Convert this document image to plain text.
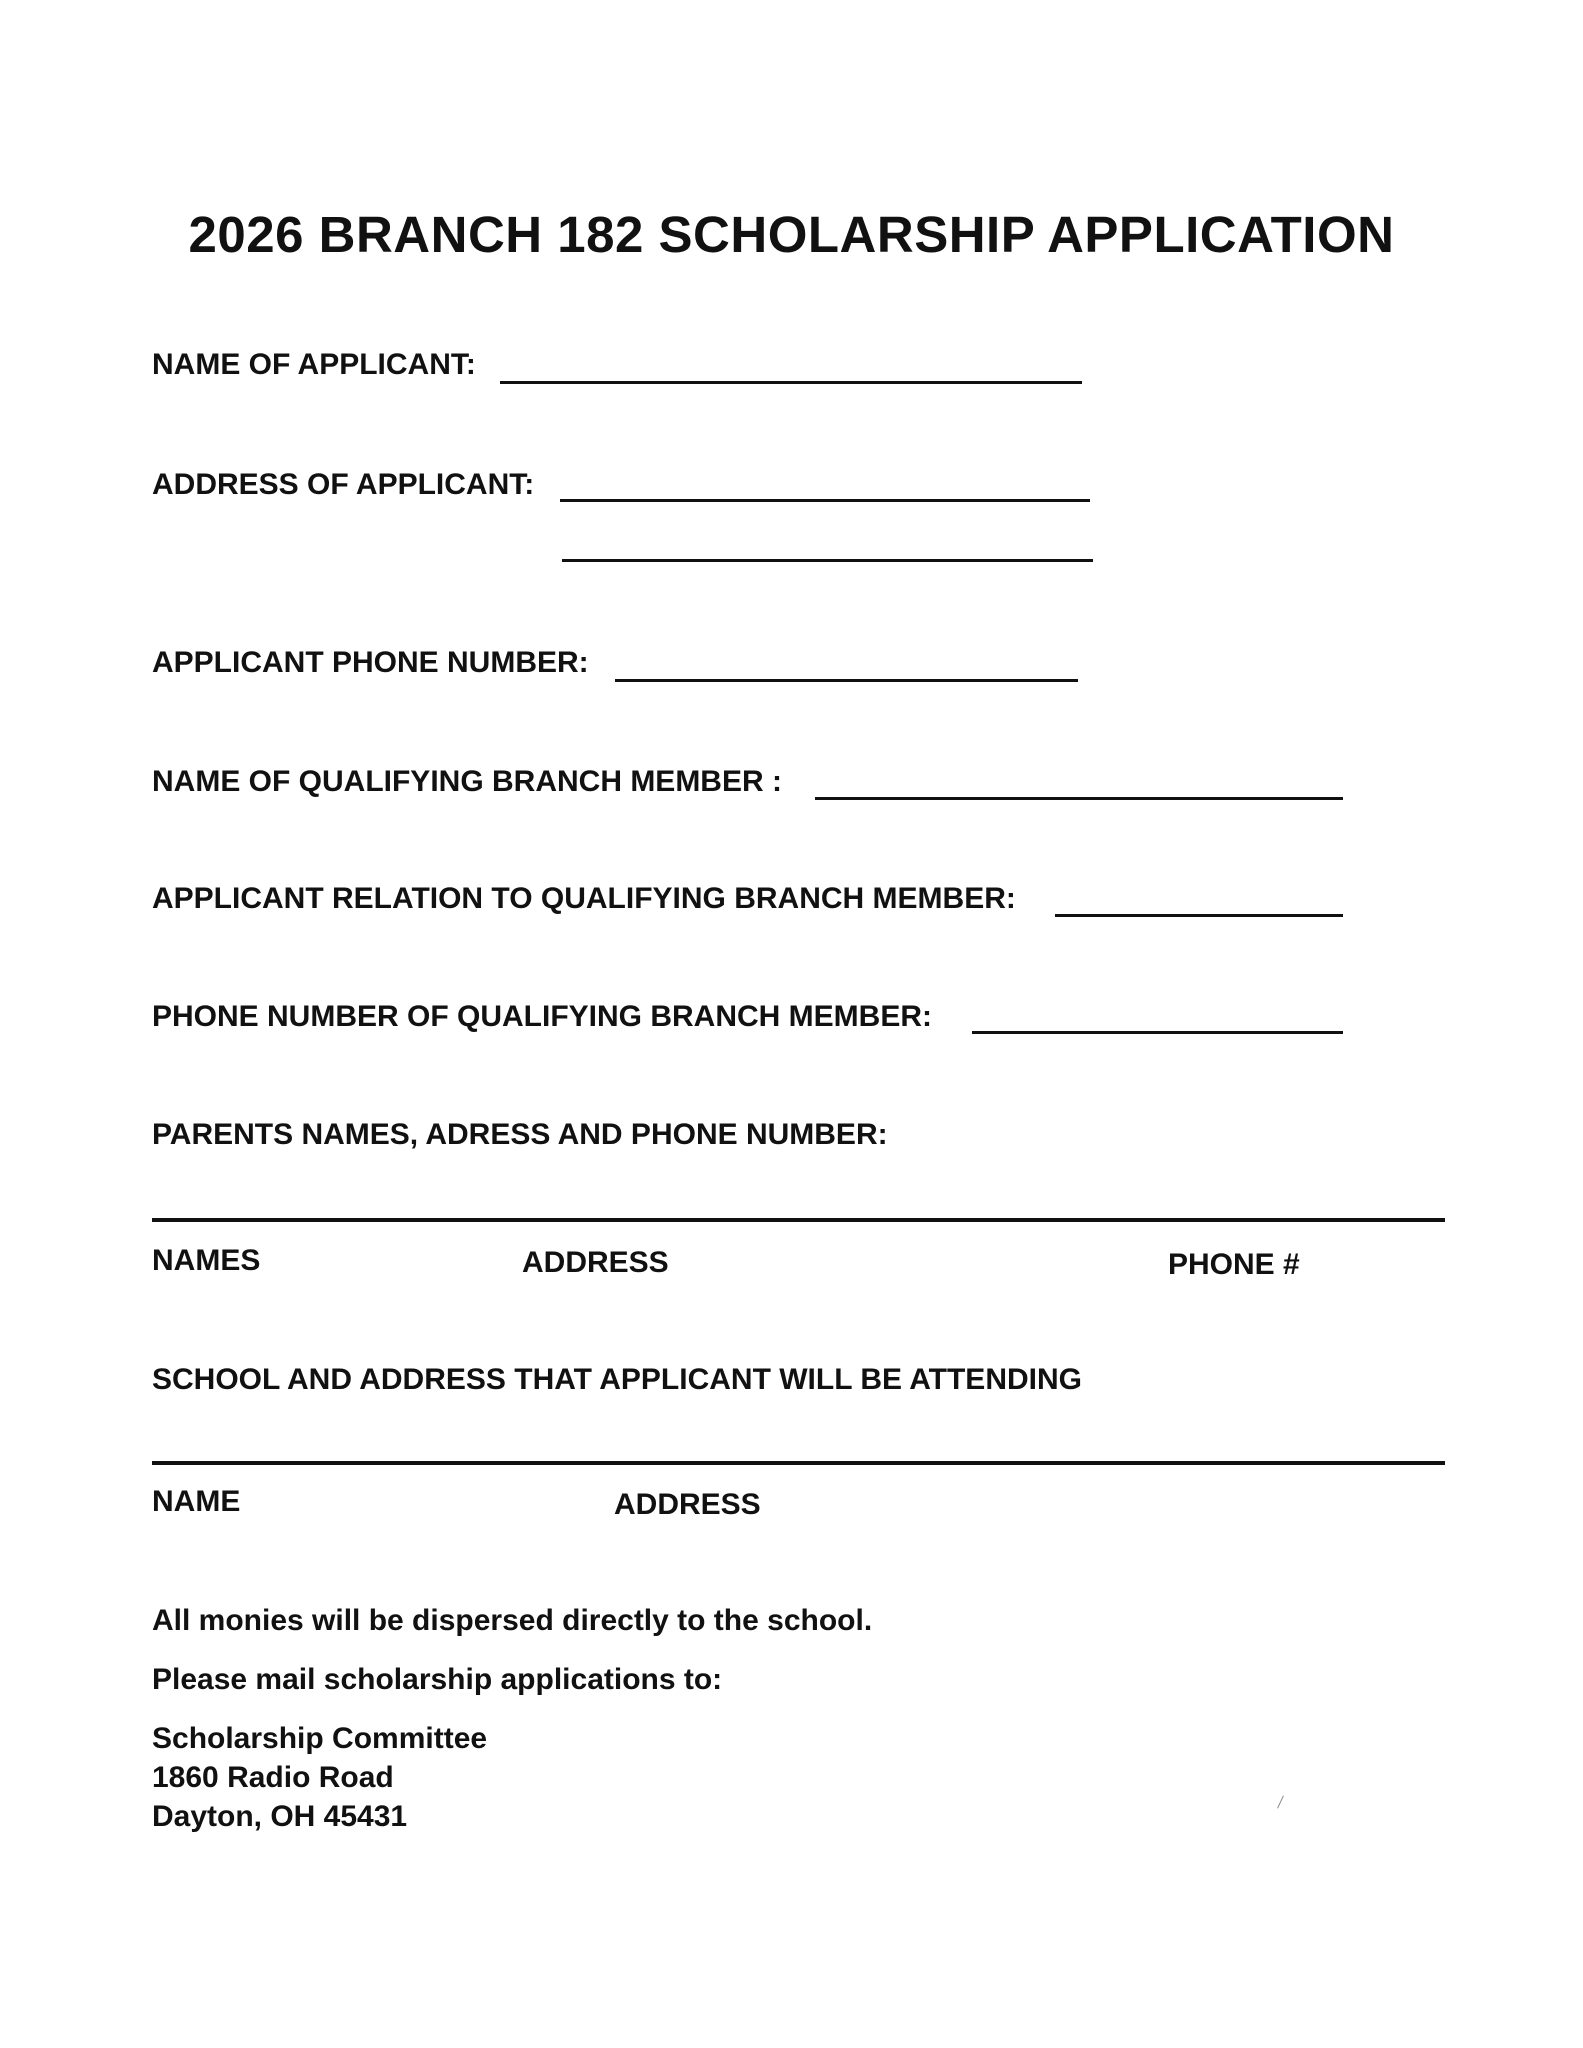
2026 BRANCH 182 SCHOLARSHIP APPLICATION
NAME OF APPLICANT:
ADDRESS OF APPLICANT:
APPLICANT PHONE NUMBER:
NAME OF QUALIFYING BRANCH MEMBER :
APPLICANT RELATION TO QUALIFYING BRANCH MEMBER:
PHONE NUMBER OF QUALIFYING BRANCH MEMBER:
PARENTS NAMES, ADRESS AND PHONE NUMBER:
NAMES	ADDRESS	PHONE #
SCHOOL AND ADDRESS THAT APPLICANT WILL BE ATTENDING
NAME	ADDRESS
All monies will be dispersed directly to the school.
Please mail scholarship applications to:
Scholarship Committee
1860 Radio Road
Dayton, OH 45431
